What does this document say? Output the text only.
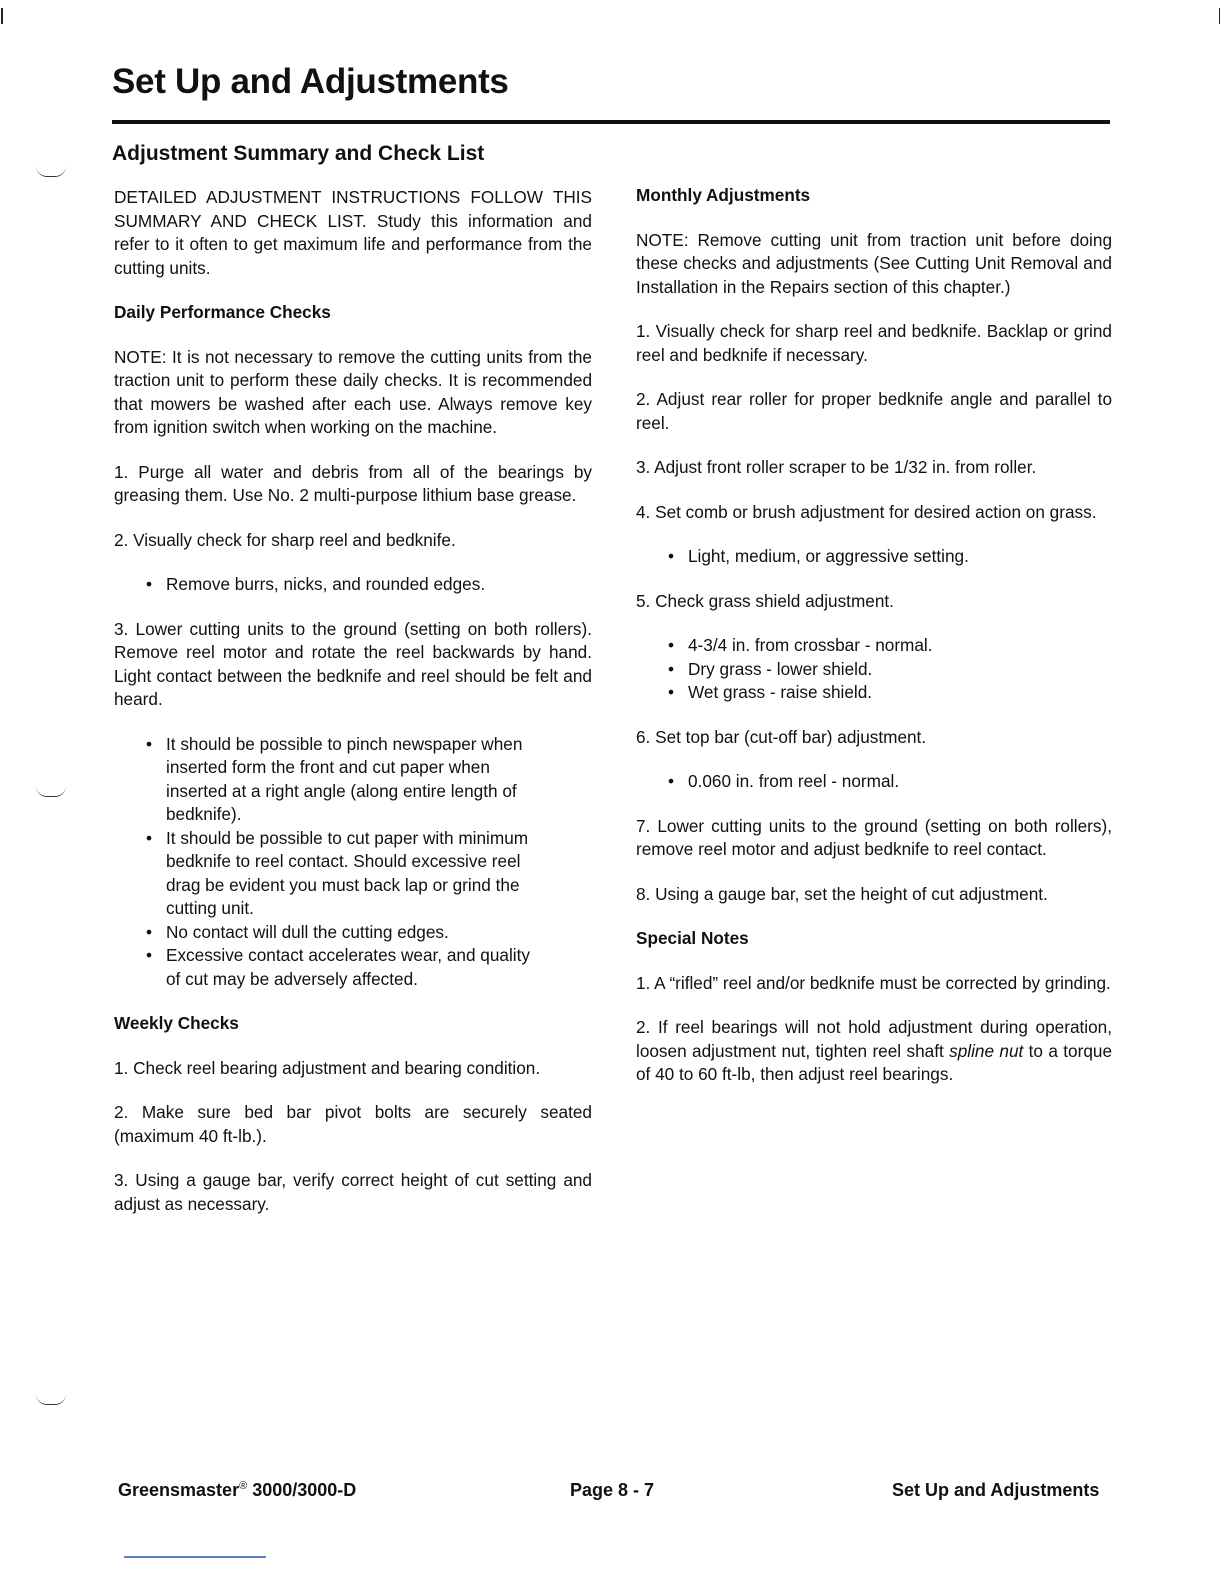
Set Up and Adjustments
Adjustment Summary and Check List

DETAILED ADJUSTMENT INSTRUCTIONS FOLLOW THIS SUMMARY AND CHECK LIST. Study this information and refer to it often to get maximum life and performance from the cutting units.

Daily Performance Checks

NOTE: It is not necessary to remove the cutting units from the traction unit to perform these daily checks. It is recommended that mowers be washed after each use. Always remove key from ignition switch when working on the machine.

1. Purge all water and debris from all of the bearings by greasing them. Use No. 2 multi-purpose lithium base grease.

2. Visually check for sharp reel and bedknife.

• Remove burrs, nicks, and rounded edges.

3. Lower cutting units to the ground (setting on both rollers). Remove reel motor and rotate the reel backwards by hand. Light contact between the bedknife and reel should be felt and heard.

• It should be possible to pinch newspaper when inserted form the front and cut paper when inserted at a right angle (along entire length of bedknife).
• It should be possible to cut paper with minimum bedknife to reel contact. Should excessive reel drag be evident you must back lap or grind the cutting unit.
• No contact will dull the cutting edges.
• Excessive contact accelerates wear, and quality of cut may be adversely affected.
Weekly Checks

1. Check reel bearing adjustment and bearing condition.

2. Make sure bed bar pivot bolts are securely seated (maximum 40 ft-lb.).

3. Using a gauge bar, verify correct height of cut setting and adjust as necessary.

Monthly Adjustments

NOTE: Remove cutting unit from traction unit before doing these checks and adjustments (See Cutting Unit Removal and Installation in the Repairs section of this chapter.)

1. Visually check for sharp reel and bedknife. Backlap or grind reel and bedknife if necessary.

2. Adjust rear roller for proper bedknife angle and parallel to reel.

3. Adjust front roller scraper to be 1/32 in. from roller.

4. Set comb or brush adjustment for desired action on grass.

• Light, medium, or aggressive setting.

5. Check grass shield adjustment.

• 4-3/4 in. from crossbar - normal.
• Dry grass - lower shield.
• Wet grass - raise shield.

6. Set top bar (cut-off bar) adjustment.

• 0.060 in. from reel - normal.

7. Lower cutting units to the ground (setting on both rollers), remove reel motor and adjust bedknife to reel contact.

8. Using a gauge bar, set the height of cut adjustment.

Special Notes

1. A “rifled” reel and/or bedknife must be corrected by grinding.

2. If reel bearings will not hold adjustment during operation, loosen adjustment nut, tighten reel shaft spline nut to a torque of 40 to 60 ft-lb, then adjust reel bearings.

Greensmaster® 3000/3000-D	Page 8 - 7	Set Up and Adjustments
